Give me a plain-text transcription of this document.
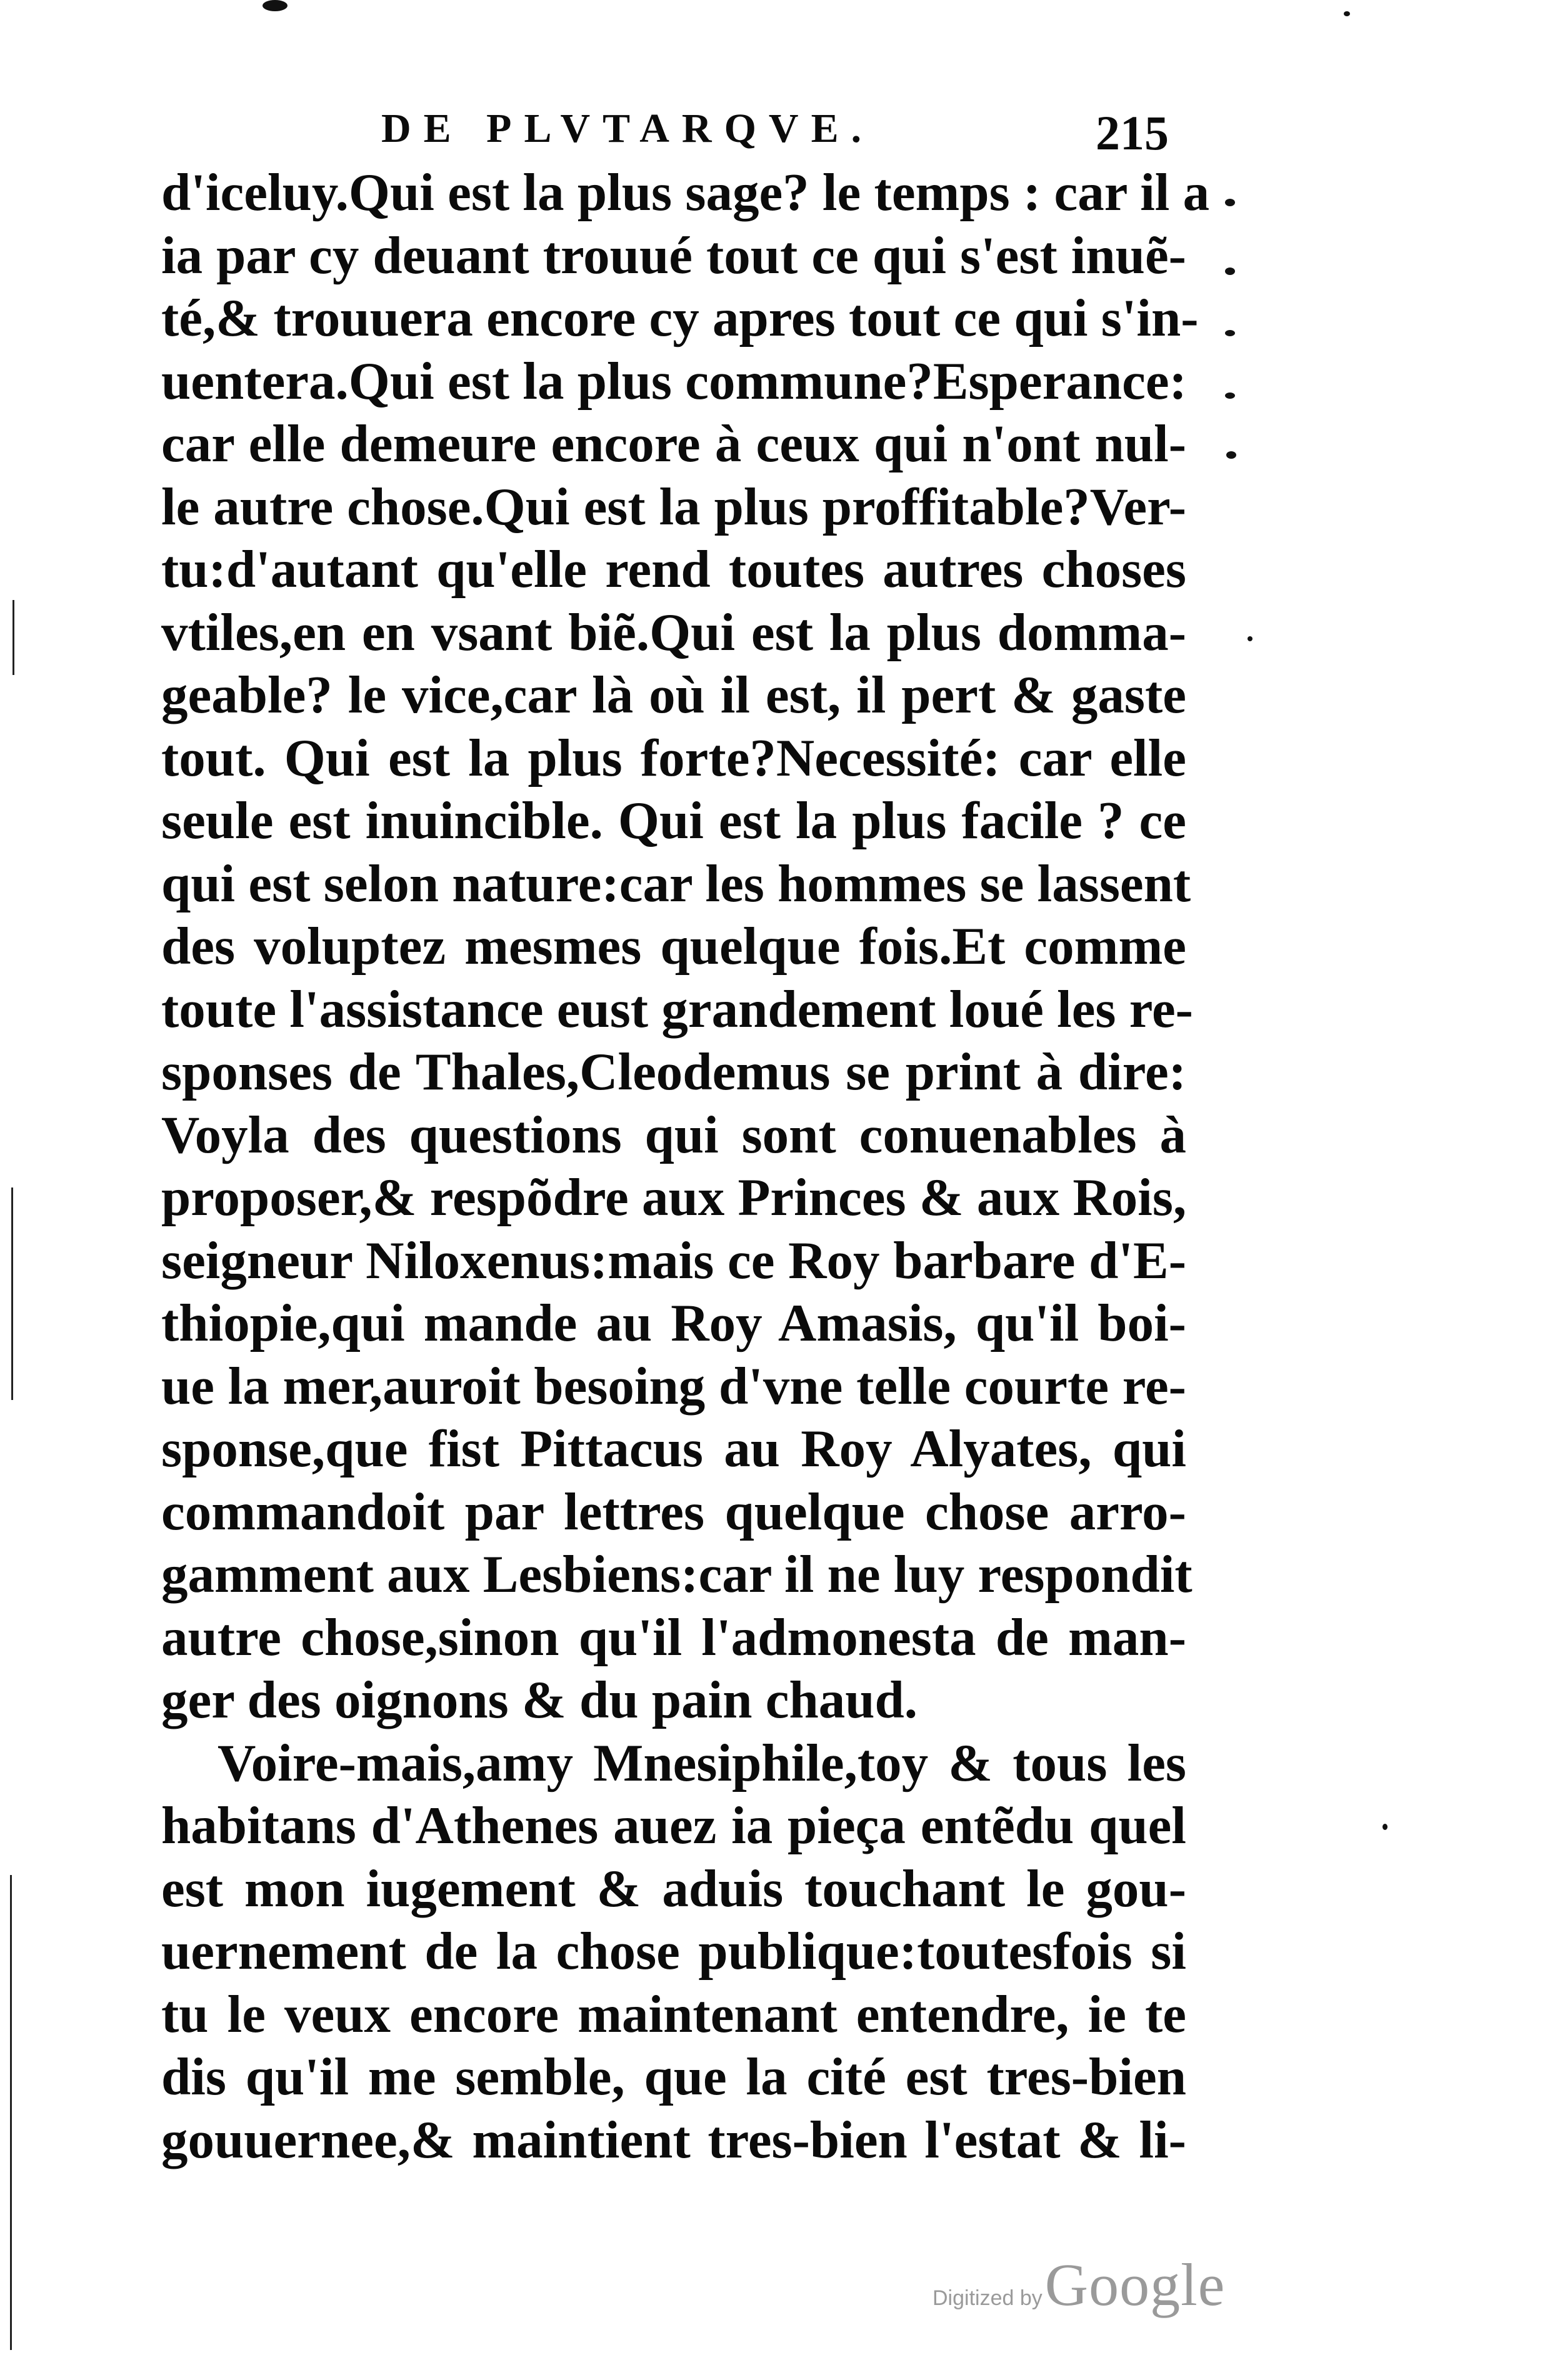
DE PLVTARQVE.	215
d'iceluy.Qui est la plus sage? le temps : car il a
ia par cy deuant trouué tout ce qui s'est inuẽ-
té,& trouuera encore cy apres tout ce qui s'in-
uentera.Qui est la plus commune?Esperance:
car elle demeure encore à ceux qui n'ont nul-
le autre chose.Qui est la plus proffitable?Ver-
tu:d'autant qu'elle rend toutes autres choses
vtiles,en en vsant biẽ.Qui est la plus domma-
geable? le vice,car là où il est, il pert & gaste
tout. Qui est la plus forte?Necessité: car elle
seule est inuincible. Qui est la plus facile ? ce
qui est selon nature:car les hommes se lassent
des voluptez mesmes quelque fois.Et comme
toute l'assistance eust grandement loué les re-
sponses de Thales,Cleodemus se print à dire:
Voyla des questions qui sont conuenables à
proposer,& respõdre aux Princes & aux Rois,
seigneur Niloxenus:mais ce Roy barbare d'E-
thiopie,qui mande au Roy Amasis, qu'il boi-
ue la mer,auroit besoing d'vne telle courte re-
sponse,que fist Pittacus au Roy Alyates, qui
commandoit par lettres quelque chose arro-
gamment aux Lesbiens:car il ne luy respondit
autre chose,sinon qu'il l'admonesta de man-
ger des oignons & du pain chaud.
Voire-mais,amy Mnesiphile,toy & tous les
habitans d'Athenes auez ia pieça entẽdu quel
est mon iugement & aduis touchant le gou-
uernement de la chose publique:toutesfois si
tu le veux encore maintenant entendre, ie te
dis qu'il me semble, que la cité est tres-bien
gouuernee,& maintient tres-bien l'estat & li-
Digitized by Google
